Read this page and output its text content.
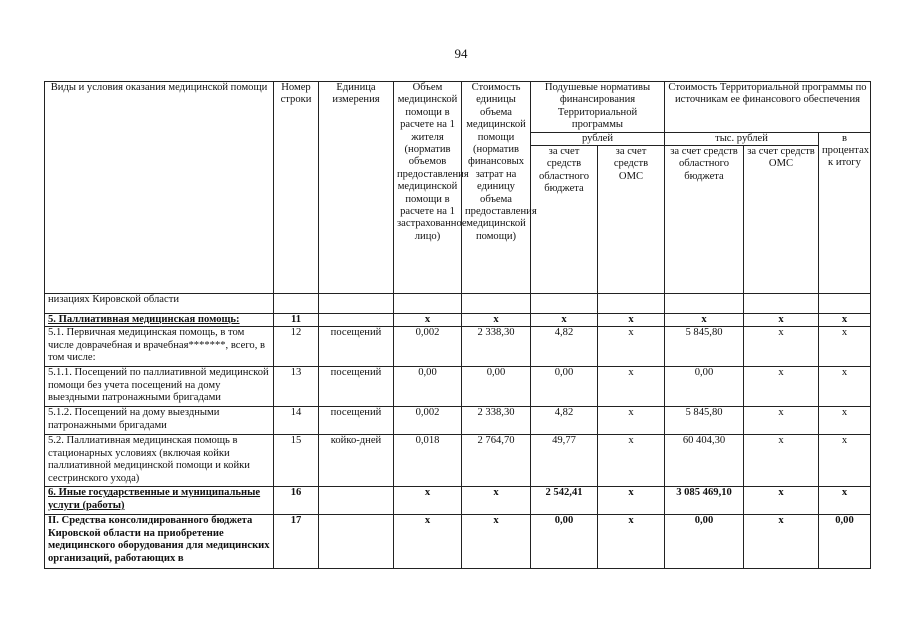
94
Виды и условия оказания медицинской помощи	Номер строки	Единица измерения	Объем медицинской помощи в расчете на 1 жителя (норматив объемов предоставления медицинской помощи в расчете на 1 застрахованное лицо)	Стоимость единицы объема медицинской помощи (норматив финансовых затрат на единицу объема предоставления медицинской помощи)	Подушевые нормативы финансирования Территориальной программы		Стоимость Территориальной программы по источникам ее финансового обеспечения		
					рублей		тыс. рублей		в процентах к итогу
					за счет средств областного бюджета	за счет средств ОМС	за счет средств областного бюджета	за счет средств ОМС	
низациях Кировской области									
5. Паллиативная медицинская помощь:	11		x	x	x	x	x	x	x
5.1. Первичная медицинская помощь, в том числе доврачебная и врачебная*******, всего, в том числе:	12	посещений	0,002	2 338,30	4,82	x	5 845,80	x	x
5.1.1. Посещений по паллиативной медицинской помощи без учета посещений на дому выездными патронажными бригадами	13	посещений	0,00	0,00	0,00	x	0,00	x	x
5.1.2. Посещений на дому выездными патронажными бригадами	14	посещений	0,002	2 338,30	4,82	x	5 845,80	x	x
5.2. Паллиативная медицинская помощь в стационарных условиях (включая койки паллиативной медицинской помощи и койки сестринского ухода)	15	койко-дней	0,018	2 764,70	49,77	x	60 404,30	x	x
6. Иные государственные и муниципальные услуги (работы)	16		x	x	2 542,41	x	3 085 469,10	x	x
II. Средства консолидированного бюджета Кировской области на приобретение медицинского оборудования для медицинских организаций, работающих в	17		x	x	0,00	x	0,00	x	0,00
